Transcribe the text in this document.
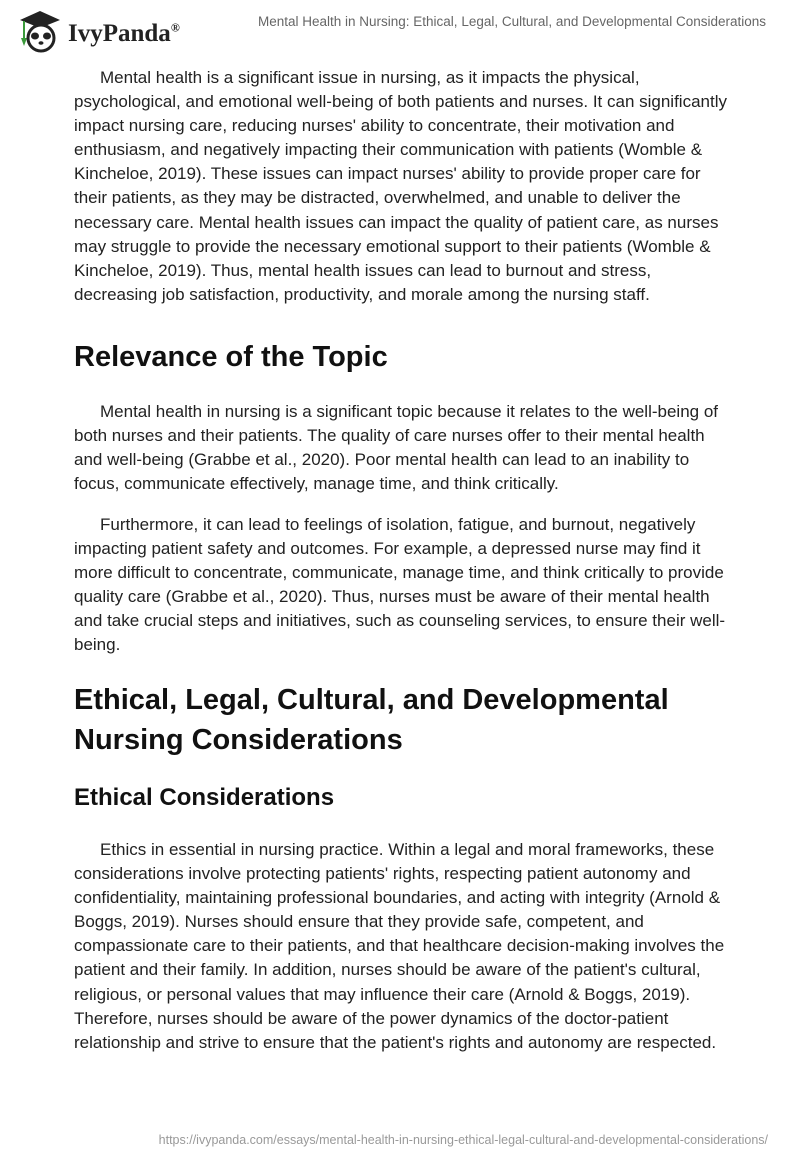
IvyPanda®	Mental Health in Nursing: Ethical, Legal, Cultural, and Developmental Considerations

Mental health is a significant issue in nursing, as it impacts the physical, psychological, and emotional well-being of both patients and nurses. It can significantly impact nursing care, reducing nurses' ability to concentrate, their motivation and enthusiasm, and negatively impacting their communication with patients (Womble & Kincheloe, 2019). These issues can impact nurses' ability to provide proper care for their patients, as they may be distracted, overwhelmed, and unable to deliver the necessary care. Mental health issues can impact the quality of patient care, as nurses may struggle to provide the necessary emotional support to their patients (Womble & Kincheloe, 2019). Thus, mental health issues can lead to burnout and stress, decreasing job satisfaction, productivity, and morale among the nursing staff.

Relevance of the Topic

Mental health in nursing is a significant topic because it relates to the well-being of both nurses and their patients. The quality of care nurses offer to their mental health and well-being (Grabbe et al., 2020). Poor mental health can lead to an inability to focus, communicate effectively, manage time, and think critically.

Furthermore, it can lead to feelings of isolation, fatigue, and burnout, negatively impacting patient safety and outcomes. For example, a depressed nurse may find it more difficult to concentrate, communicate, manage time, and think critically to provide quality care (Grabbe et al., 2020). Thus, nurses must be aware of their mental health and take crucial steps and initiatives, such as counseling services, to ensure their well-being.

Ethical, Legal, Cultural, and Developmental Nursing Considerations
Ethical Considerations

Ethics in essential in nursing practice. Within a legal and moral frameworks, these considerations involve protecting patients' rights, respecting patient autonomy and confidentiality, maintaining professional boundaries, and acting with integrity (Arnold & Boggs, 2019). Nurses should ensure that they provide safe, competent, and compassionate care to their patients, and that healthcare decision-making involves the patient and their family. In addition, nurses should be aware of the patient's cultural, religious, or personal values that may influence their care (Arnold & Boggs, 2019). Therefore, nurses should be aware of the power dynamics of the doctor-patient relationship and strive to ensure that the patient's rights and autonomy are respected.

https://ivypanda.com/essays/mental-health-in-nursing-ethical-legal-cultural-and-developmental-considerations/
